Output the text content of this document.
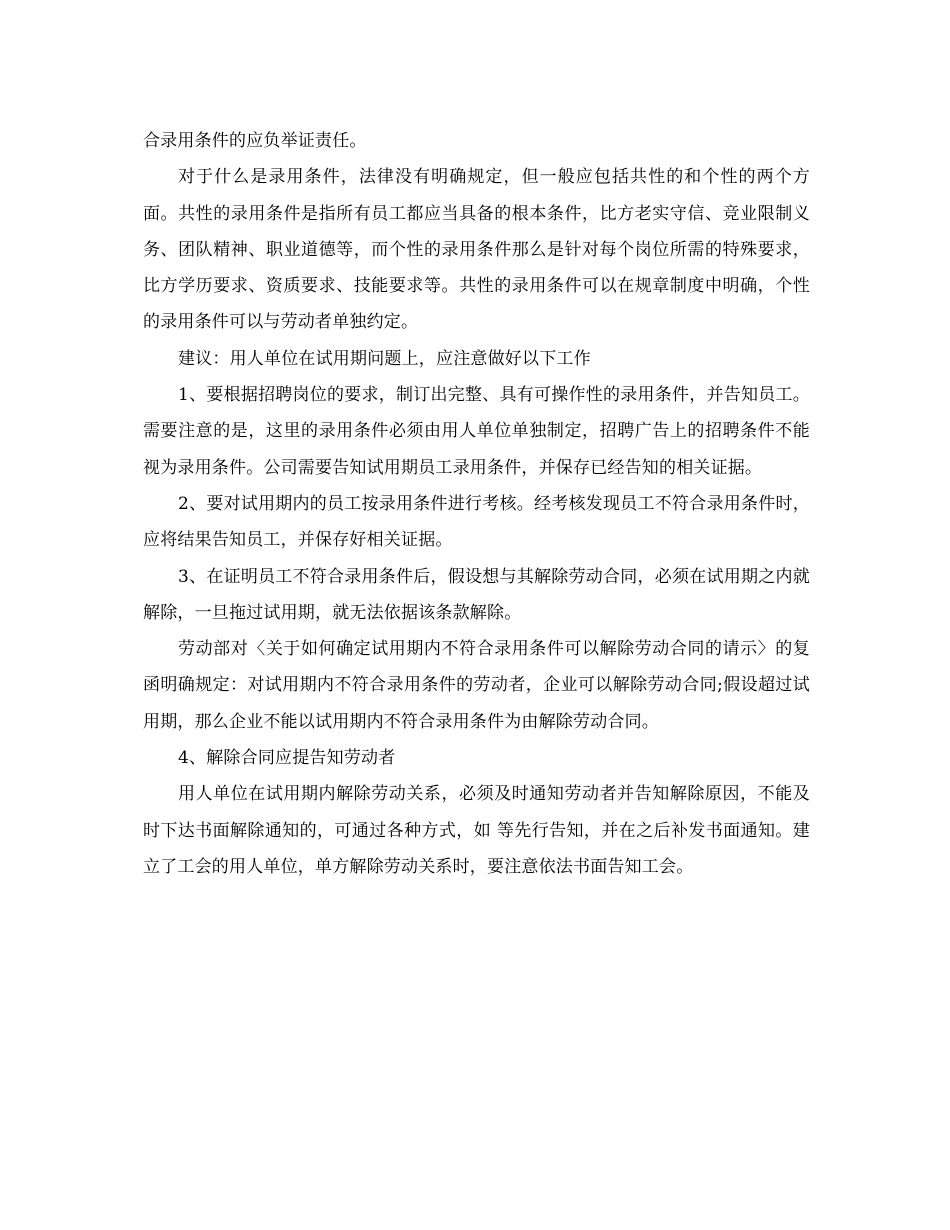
合录用条件的应负举证责任。

对于什么是录用条件，法律没有明确规定，但一般应包括共性的和个性的两个方面。共性的录用条件是指所有员工都应当具备的根本条件，比方老实守信、竞业限制义务、团队精神、职业道德等，而个性的录用条件那么是针对每个岗位所需的特殊要求，比方学历要求、资质要求、技能要求等。共性的录用条件可以在规章制度中明确，个性的录用条件可以与劳动者单独约定。

建议：用人单位在试用期问题上，应注意做好以下工作

1、要根据招聘岗位的要求，制订出完整、具有可操作性的录用条件，并告知员工。需要注意的是，这里的录用条件必须由用人单位单独制定，招聘广告上的招聘条件不能视为录用条件。公司需要告知试用期员工录用条件，并保存已经告知的相关证据。

2、要对试用期内的员工按录用条件进行考核。经考核发现员工不符合录用条件时，应将结果告知员工，并保存好相关证据。

3、在证明员工不符合录用条件后，假设想与其解除劳动合同，必须在试用期之内就解除，一旦拖过试用期，就无法依据该条款解除。

劳动部对〈关于如何确定试用期内不符合录用条件可以解除劳动合同的请示〉的复函明确规定：对试用期内不符合录用条件的劳动者，企业可以解除劳动合同;假设超过试用期，那么企业不能以试用期内不符合录用条件为由解除劳动合同。

4、解除合同应提告知劳动者

用人单位在试用期内解除劳动关系，必须及时通知劳动者并告知解除原因，不能及时下达书面解除通知的，可通过各种方式，如 等先行告知，并在之后补发书面通知。建立了工会的用人单位，单方解除劳动关系时，要注意依法书面告知工会。
